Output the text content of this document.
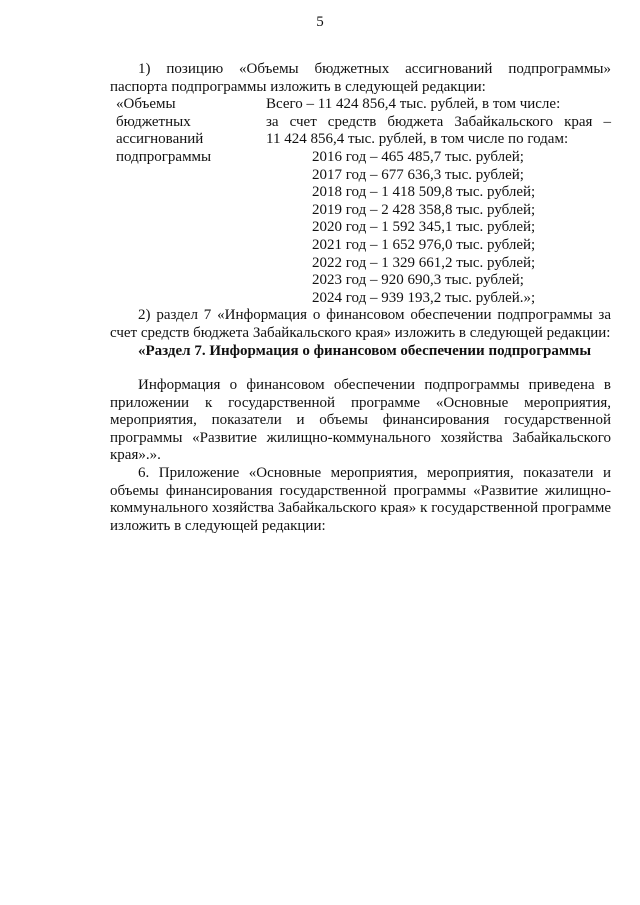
5

1) позицию «Объемы бюджетных ассигнований подпрограммы»

паспорта подпрограммы изложить в следующей редакции:

«Объемы
бюджетных
ассигнований
подпрограммы
Всего – 11 424 856,4 тыс. рублей, в том числе:
за счет средств бюджета Забайкальского края –
11 424 856,4 тыс. рублей, в том числе по годам:
2016 год – 465 485,7 тыс. рублей;
2017 год – 677 636,3 тыс. рублей;
2018 год – 1 418 509,8 тыс. рублей;
2019 год – 2 428 358,8 тыс. рублей;
2020 год – 1 592 345,1 тыс. рублей;
2021 год – 1 652 976,0 тыс. рублей;
2022 год – 1 329 661,2 тыс. рублей;
2023 год – 920 690,3 тыс. рублей;
2024 год – 939 193,2 тыс. рублей.»;

2) раздел 7 «Информация о финансовом обеспечении подпрограммы за счет средств бюджета Забайкальского края» изложить в следующей редакции:

«Раздел 7. Информация о финансовом обеспечении подпрограммы

Информация о финансовом обеспечении подпрограммы приведена в приложении к государственной программе «Основные мероприятия, мероприятия, показатели и объемы финансирования государственной программы «Развитие жилищно-коммунального хозяйства Забайкальского края».».

6. Приложение «Основные мероприятия, мероприятия, показатели и объемы финансирования государственной программы «Развитие жилищно-коммунального хозяйства Забайкальского края» к государственной программе изложить в следующей редакции:
